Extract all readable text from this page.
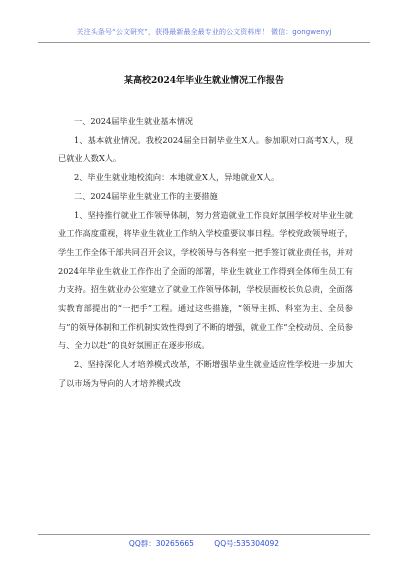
关注头条号“公文研究”，获得最新最全最专业的公文资料库！ 微信：gongwenyj
某高校2024年毕业生就业情况工作报告

一、2024届毕业生就业基本情况

1、基本就业情况。我校2024届全日制毕业生X人。参加职对口高考X人，现已就业人数X人。

2、毕业生就业地校流向：本地就业X人，异地就业X人。

二、2024届毕业生就业工作的主要措施

1、坚持推行就业工作领导体制，努力营造就业工作良好氛围学校对毕业生就业工作高度重视，将毕业生就业工作纳入学校重要议事日程。学校党政领导班子，学生工作全体干部共同召开会议，学校领导与各科室一把手签订就业责任书，并对2024年毕业生就业工作作出了全面的部署，毕业生就业工作得到全体师生员工有力支持。招生就业办公室建立了就业工作领导体制，学校层面校长负总责，全面落实教育部提出的“一把手”工程。通过这些措施，“领导主抓、科室为主、全员参与”的领导体制和工作机制实效性得到了不断的增强，就业工作“全校动员、全员参与、全力以赴”的良好氛围正在逐步形成。

2、坚持深化人才培养模式改革，不断增强毕业生就业适应性学校进一步加大了以市场为导向的人才培养模式改

QQ群：30265665	QQ号:535304092
